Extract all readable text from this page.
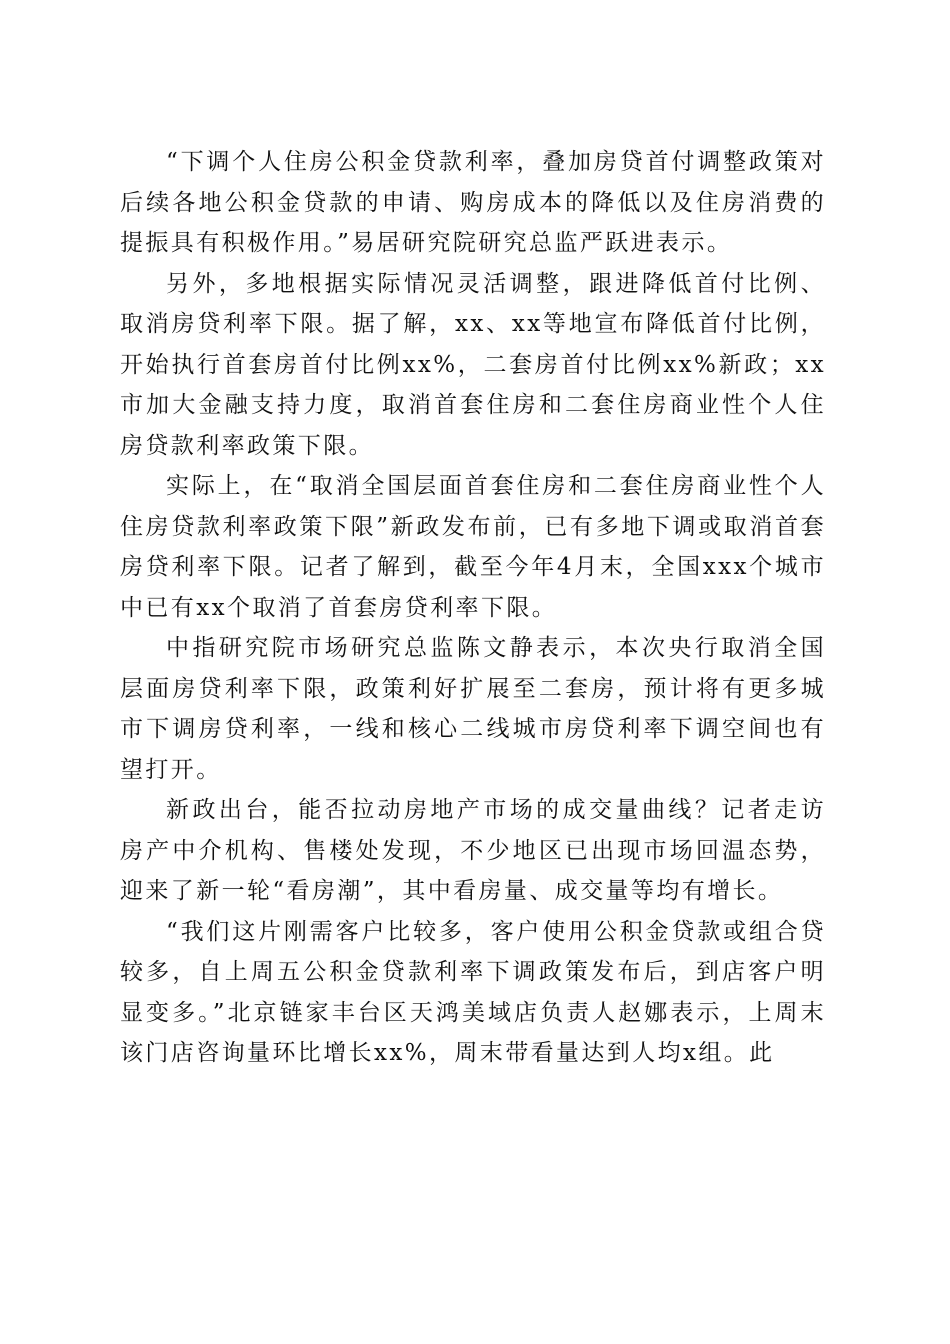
“下调个人住房公积金贷款利率，叠加房贷首付调整政策对后续各地公积金贷款的申请、购房成本的降低以及住房消费的提振具有积极作用。”易居研究院研究总监严跃进表示。

另外，多地根据实际情况灵活调整，跟进降低首付比例、取消房贷利率下限。据了解，xx、xx等地宣布降低首付比例，开始执行首套房首付比例xx%，二套房首付比例xx%新政；xx市加大金融支持力度，取消首套住房和二套住房商业性个人住房贷款利率政策下限。

实际上，在“取消全国层面首套住房和二套住房商业性个人住房贷款利率政策下限”新政发布前，已有多地下调或取消首套房贷利率下限。记者了解到，截至今年4月末，全国xxx个城市中已有xx个取消了首套房贷利率下限。

中指研究院市场研究总监陈文静表示，本次央行取消全国层面房贷利率下限，政策利好扩展至二套房，预计将有更多城市下调房贷利率，一线和核心二线城市房贷利率下调空间也有望打开。

新政出台，能否拉动房地产市场的成交量曲线？记者走访房产中介机构、售楼处发现，不少地区已出现市场回温态势，迎来了新一轮“看房潮”，其中看房量、成交量等均有增长。

“我们这片刚需客户比较多，客户使用公积金贷款或组合贷较多，自上周五公积金贷款利率下调政策发布后，到店客户明显变多。”北京链家丰台区天鸿美域店负责人赵娜表示，上周末该门店咨询量环比增长xx%，周末带看量达到人均x组。此
